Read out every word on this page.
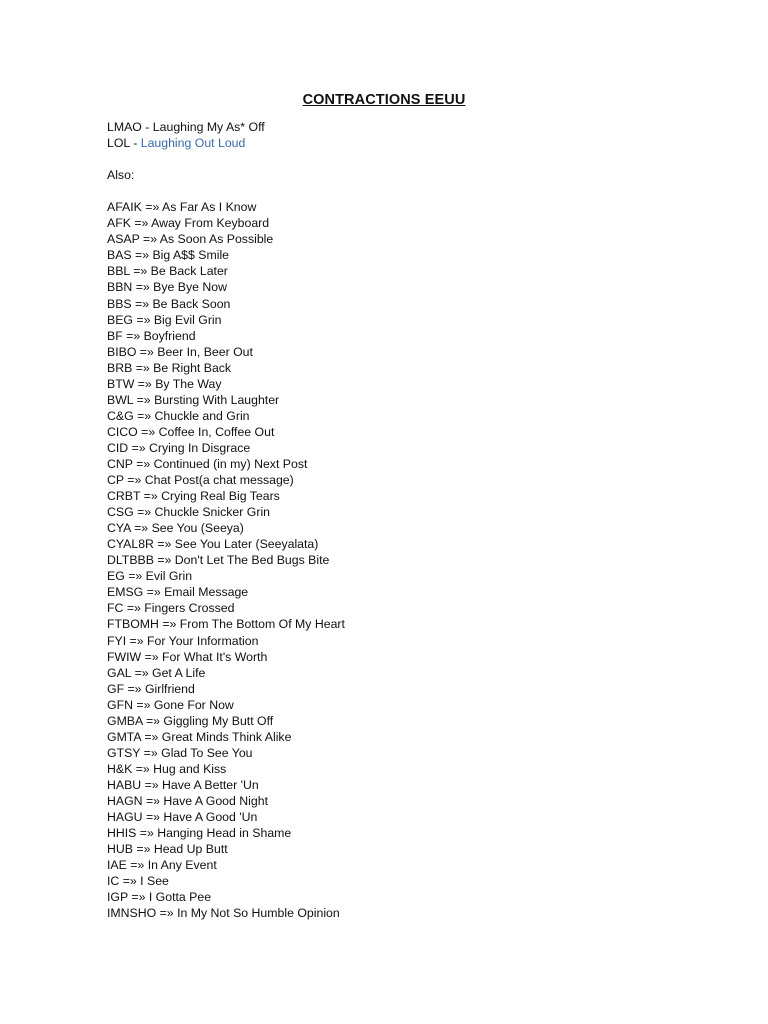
CONTRACTIONS EEUU
LMAO - Laughing My As* Off
LOL - Laughing Out Loud
Also:
AFAIK =» As Far As I Know
AFK =» Away From Keyboard
ASAP =» As Soon As Possible
BAS =» Big A$$ Smile
BBL =» Be Back Later
BBN =» Bye Bye Now
BBS =» Be Back Soon
BEG =» Big Evil Grin
BF =» Boyfriend
BIBO =» Beer In, Beer Out
BRB =» Be Right Back
BTW =» By The Way
BWL =» Bursting With Laughter
C&G =» Chuckle and Grin
CICO =» Coffee In, Coffee Out
CID =» Crying In Disgrace
CNP =» Continued (in my) Next Post
CP =» Chat Post(a chat message)
CRBT =» Crying Real Big Tears
CSG =» Chuckle Snicker Grin
CYA =» See You (Seeya)
CYAL8R =» See You Later (Seeyalata)
DLTBBB =» Don't Let The Bed Bugs Bite
EG =» Evil Grin
EMSG =» Email Message
FC =» Fingers Crossed
FTBOMH =» From The Bottom Of My Heart
FYI =» For Your Information
FWIW =» For What It's Worth
GAL =» Get A Life
GF =» Girlfriend
GFN =» Gone For Now
GMBA =» Giggling My Butt Off
GMTA =» Great Minds Think Alike
GTSY =» Glad To See You
H&K =» Hug and Kiss
HABU =» Have A Better 'Un
HAGN =» Have A Good Night
HAGU =» Have A Good 'Un
HHIS =» Hanging Head in Shame
HUB =» Head Up Butt
IAE =» In Any Event
IC =» I See
IGP =» I Gotta Pee
IMNSHO =» In My Not So Humble Opinion
